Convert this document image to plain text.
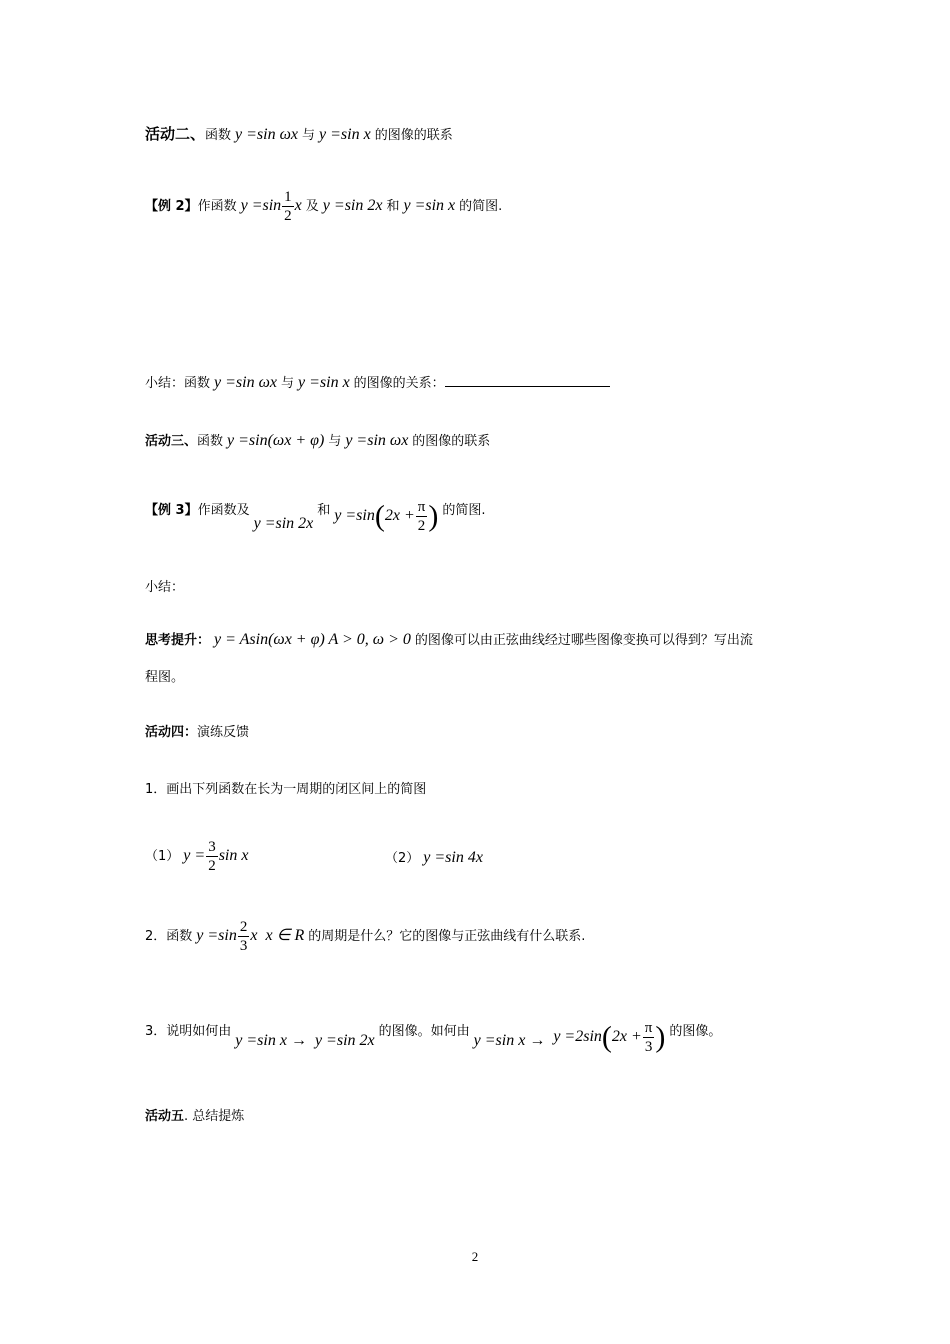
活动二、函数 y =sin ωx 与 y =sin x 的图像的联系
【例 2】作函数 $y =\sin \frac{1}{2}$ x 及 y =sin 2x 和 y =sin x 的简图.
小结：函数 y =sin ωx 与 y =sin x 的图像的关系：
活动三、函数 y =sin(ωx + φ) 与 y =sin ωx 的图像的联系
【例 3】作函数及y =sin 2x和 $y =\sin(2x + \frac{\pi}{2}$ ) 的简图.
小结：
思考提升： y = Asin(ωx + φ) A > 0, ω > 0 的图像可以由正弦曲线经过哪些图像变换可以得到？写出流
程图。
活动四：演练反馈
1．画出下列函数在长为一周期的闭区间上的简图
（1） $y = \frac{3}{2}$ sin x	（2） y =sin 4x
2．函数 $y =\sin \frac{2}{3}$ x x ∈ R 的周期是什么？它的图像与正弦曲线有什么联系.
3．说明如何由y =sin x → y =sin 2x的图像。如何由y =sin $x \to y =2\sin(2x + \frac{\pi}{3}$ ) 的图像。
活动五. 总结提炼
2
